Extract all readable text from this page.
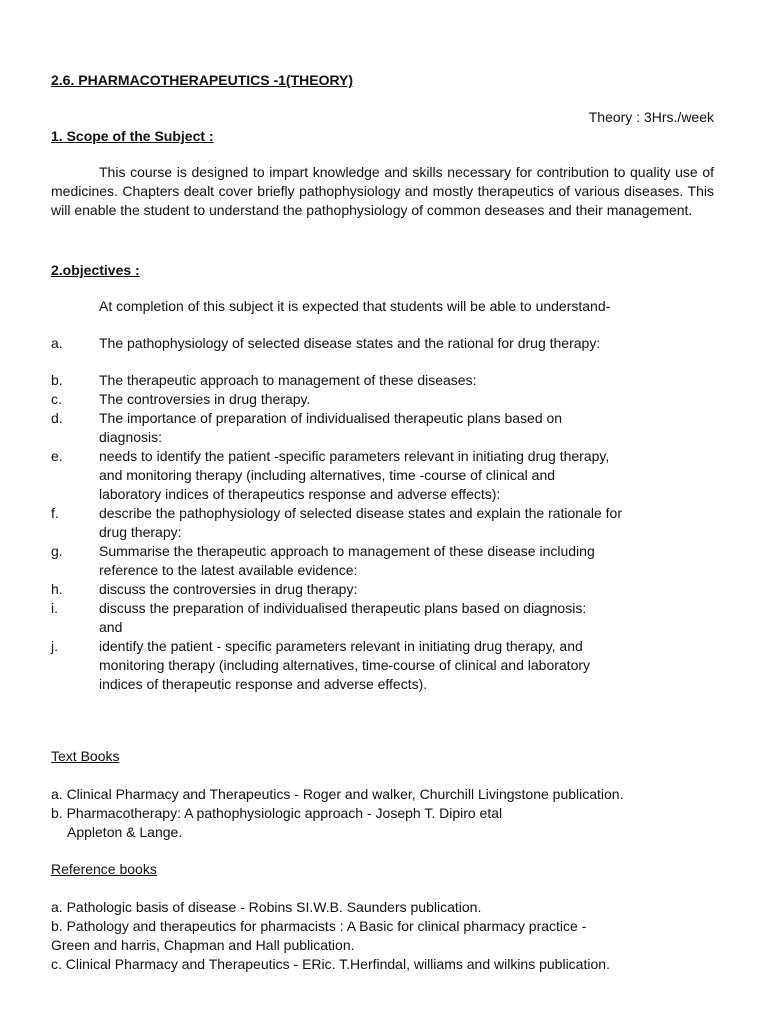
2.6. PHARMACOTHERAPEUTICS -1(THEORY)
Theory : 3Hrs./week
1. Scope of the Subject :

This course is designed to impart knowledge and skills necessary for contribution to quality use of medicines. Chapters dealt cover briefly pathophysiology and mostly therapeutics of various diseases. This will enable the student to understand the pathophysiology of common deseases and their management.

2.objectives :
At completion of this subject it is expected that students will be able to understand-
a.	The pathophysiology of selected disease states and the rational for drug therapy:
b.	The therapeutic approach to management of these diseases:
c.	The controversies in drug therapy.
d.	The importance of preparation of individualised therapeutic plans based on diagnosis:
e.	needs to identify the patient -specific parameters relevant in initiating drug therapy, and monitoring therapy (including alternatives, time -course of clinical and laboratory indices of therapeutics response and adverse effects):
f.	describe the pathophysiology of selected disease states and explain the rationale for drug therapy:
g.	Summarise the therapeutic approach to management of these disease including reference to the latest available evidence:
h.	discuss the controversies in drug therapy:
i.	discuss the preparation of individualised therapeutic plans based on diagnosis: and
j.	identify the patient - specific parameters relevant in initiating drug therapy, and monitoring therapy (including alternatives, time-course of clinical and laboratory indices of therapeutic response and adverse effects).
Text Books
a. Clinical Pharmacy and Therapeutics - Roger and walker, Churchill Livingstone publication.
b. Pharmacotherapy: A pathophysiologic approach - Joseph T. Dipiro etal
Appleton & Lange.
Reference books
a. Pathologic basis of disease - Robins SI.W.B. Saunders publication.
b. Pathology and therapeutics for pharmacists : A Basic for clinical pharmacy practice -
Green and harris, Chapman and Hall publication.
c. Clinical Pharmacy and Therapeutics - ERic. T.Herfindal, williams and wilkins publication.
